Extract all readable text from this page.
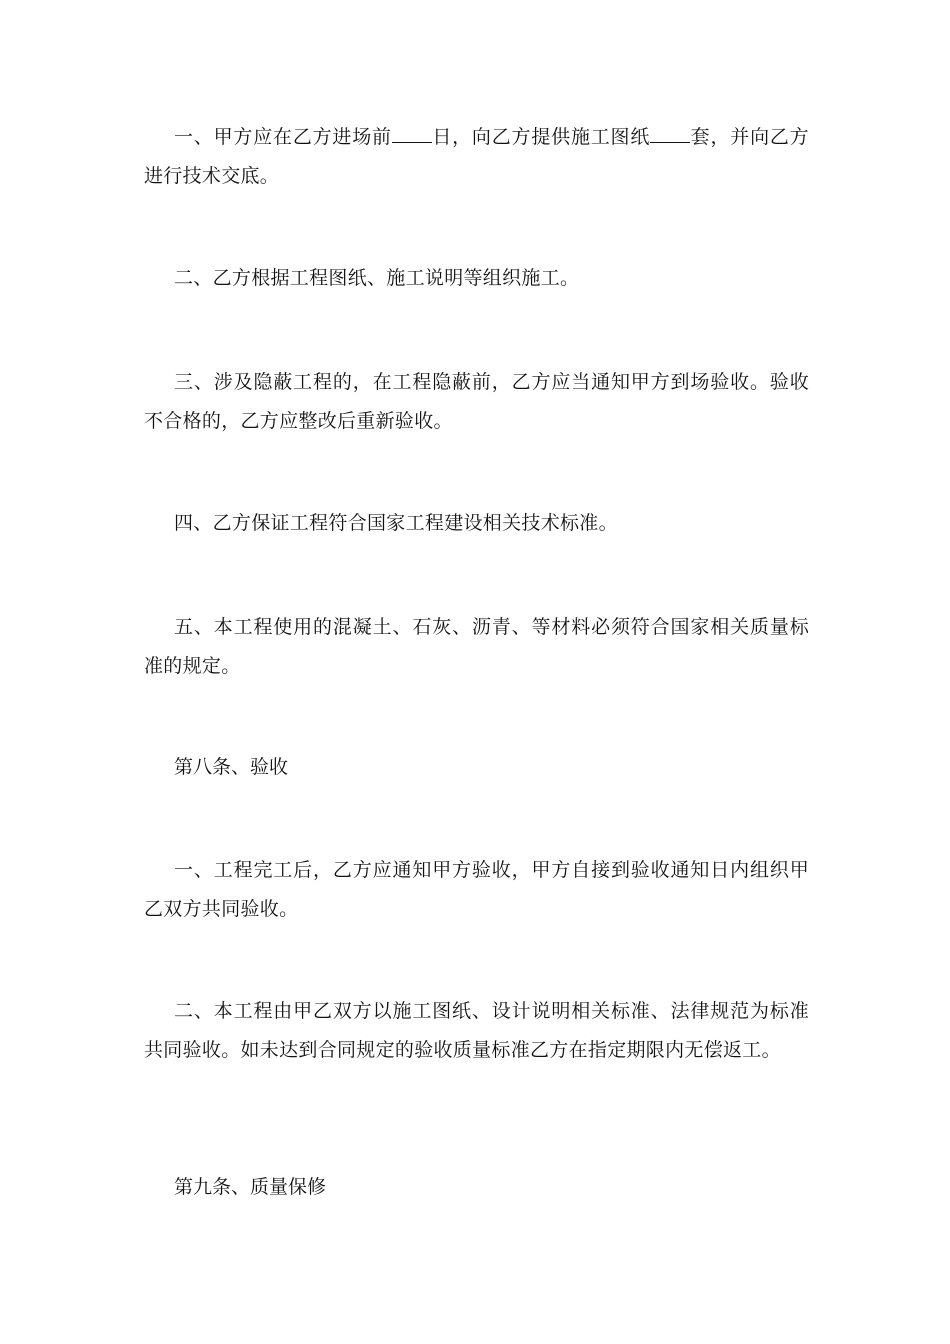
一、甲方应在乙方进场前 日，向乙方提供施工图纸 套，并向乙方进行技术交底。

二、乙方根据工程图纸、施工说明等组织施工。

三、涉及隐蔽工程的，在工程隐蔽前，乙方应当通知甲方到场验收。验收不合格的，乙方应整改后重新验收。

四、乙方保证工程符合国家工程建设相关技术标准。

五、本工程使用的混凝土、石灰、沥青、等材料必须符合国家相关质量标准的规定。

第八条、验收

一、工程完工后，乙方应通知甲方验收，甲方自接到验收通知日内组织甲乙双方共同验收。

二、本工程由甲乙双方以施工图纸、设计说明相关标准、法律规范为标准共同验收。如未达到合同规定的验收质量标准乙方在指定期限内无偿返工。

第九条、质量保修
